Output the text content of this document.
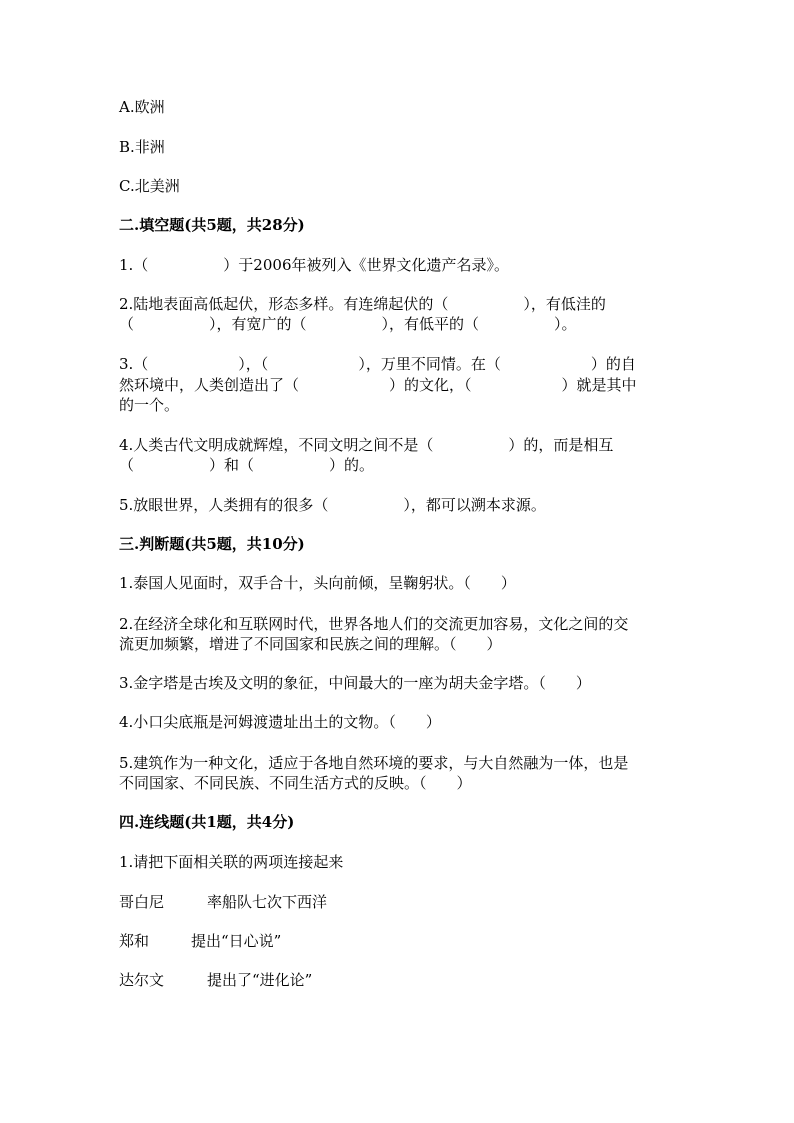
A.欧洲
B.非洲
C.北美洲
二.填空题(共5题，共28分)
1.（　　　　　）于2006年被列入《世界文化遗产名录》。
2.陆地表面高低起伏，形态多样。有连绵起伏的（　　　　　），有低洼的
（　　　　　），有宽广的（　　　　　），有低平的（　　　　　）。
3.（　　　　　　），（　　　　　　），万里不同情。在（　　　　　　）的自
然环境中，人类创造出了（　　　　　　）的文化，（　　　　　　）就是其中
的一个。
4.人类古代文明成就辉煌，不同文明之间不是（　　　　　）的，而是相互
（　　　　　）和（　　　　　）的。
5.放眼世界，人类拥有的很多（　　　　　），都可以溯本求源。
三.判断题(共5题，共10分)
1.泰国人见面时，双手合十，头向前倾，呈鞠躬状。（　　）
2.在经济全球化和互联网时代，世界各地人们的交流更加容易，文化之间的交
流更加频繁，增进了不同国家和民族之间的理解。（　　）
3.金字塔是古埃及文明的象征，中间最大的一座为胡夫金字塔。（　　）
4.小口尖底瓶是河姆渡遗址出土的文物。（　　）
5.建筑作为一种文化，适应于各地自然环境的要求，与大自然融为一体，也是
不同国家、不同民族、不同生活方式的反映。（　　）
四.连线题(共1题，共4分)
1.请把下面相关联的两项连接起来
哥白尼	率船队七次下西洋
郑和	提出“日心说”
达尔文	提出了“进化论”
